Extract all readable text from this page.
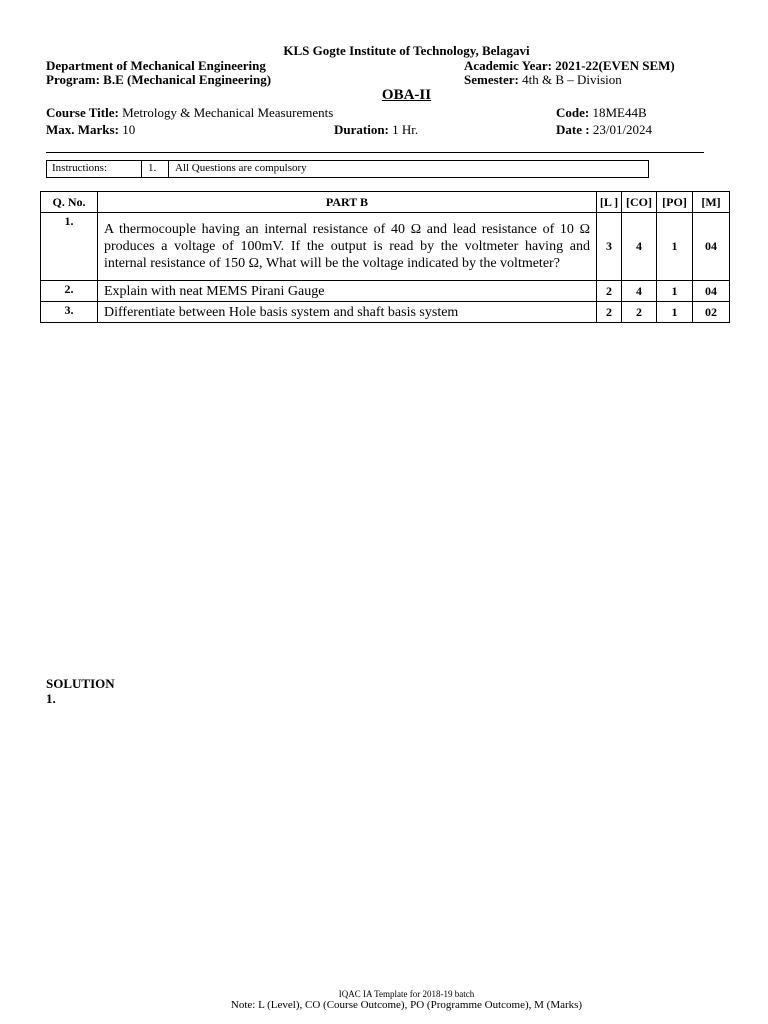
KLS Gogte Institute of Technology, Belagavi
Department of Mechanical Engineering	Academic Year: 2021-22(EVEN SEM)
Program: B.E (Mechanical Engineering)	Semester: 4th & B – Division
OBA-II
Course Title: Metrology & Mechanical Measurements	Code: 18ME44B
Max. Marks: 10	Duration: 1 Hr.	Date : 23/01/2024
Instructions:	1.	All Questions are compulsory
Q. No.	PART B	[L ]	[CO]	[PO]	[M]
1.	A thermocouple having an internal resistance of 40 Ω and lead resistance of 10 Ω produces a voltage of 100mV. If the output is read by the voltmeter having and internal resistance of 150 Ω, What will be the voltage indicated by the voltmeter?	3	4	1	04
2.	Explain with neat MEMS Pirani Gauge	2	4	1	04
3.	Differentiate between Hole basis system and shaft basis system	2	2	1	02
SOLUTION
1.
IQAC IA Template for 2018-19 batch
Note: L (Level), CO (Course Outcome), PO (Programme Outcome), M (Marks)
